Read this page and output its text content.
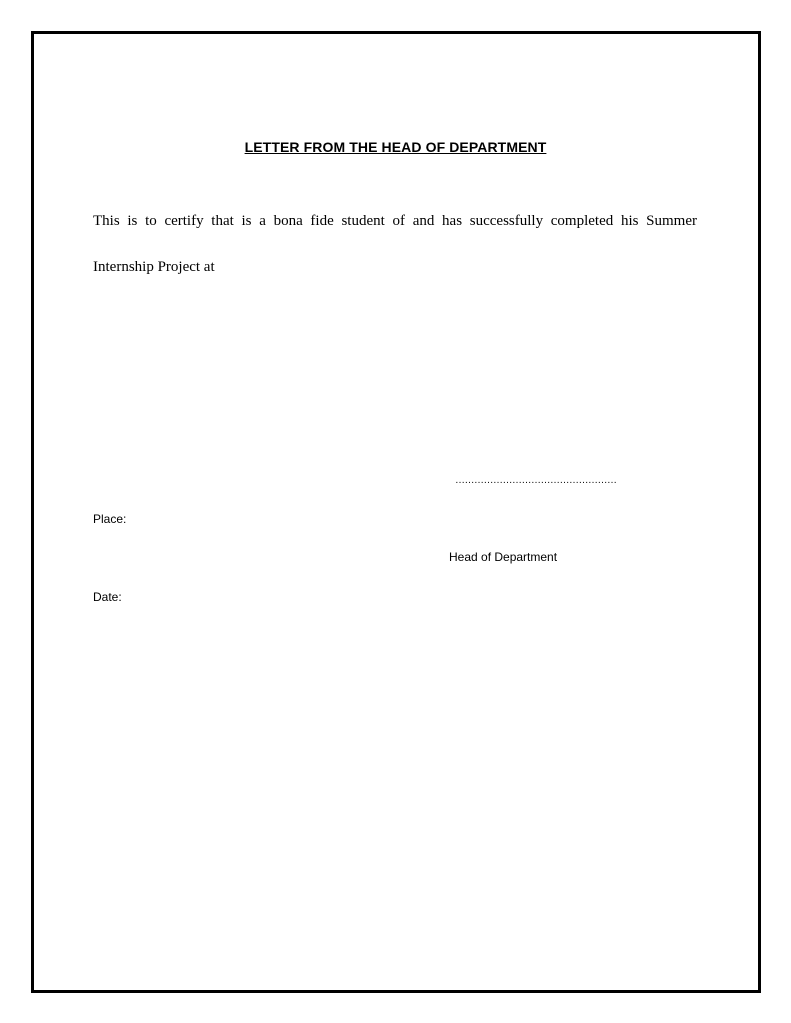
LETTER FROM THE HEAD OF DEPARTMENT
This is to certify that is a bona fide student of and has successfully completed his Summer
Internship Project at
……………………………………………
Place:
Head of Department
Date:
